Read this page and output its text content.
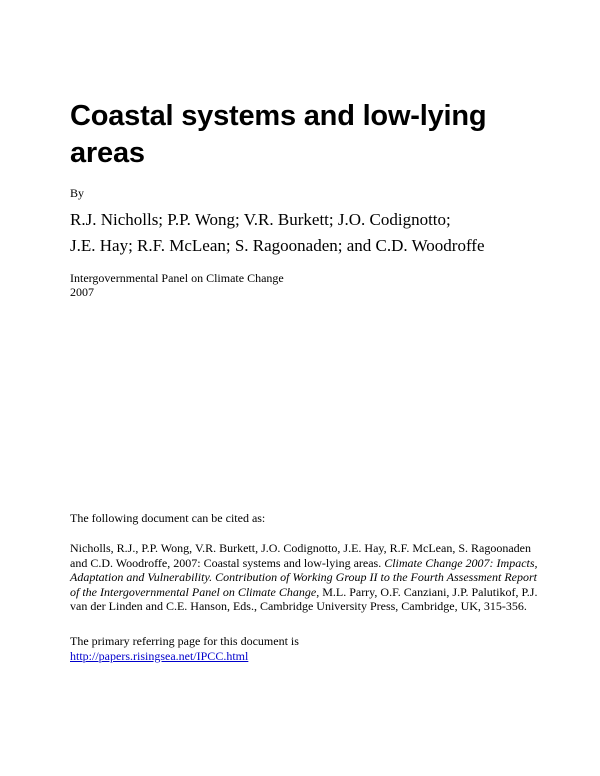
Coastal systems and low-lying areas
By
R.J. Nicholls; P.P. Wong; V.R. Burkett; J.O. Codignotto;
J.E. Hay; R.F. McLean; S. Ragoonaden; and C.D. Woodroffe
Intergovernmental Panel on Climate Change
2007
The following document can be cited as:
Nicholls, R.J., P.P. Wong, V.R. Burkett, J.O. Codignotto, J.E. Hay, R.F. McLean, S. Ragoonaden and C.D. Woodroffe, 2007: Coastal systems and low-lying areas. Climate Change 2007: Impacts, Adaptation and Vulnerability. Contribution of Working Group II to the Fourth Assessment Report of the Intergovernmental Panel on Climate Change, M.L. Parry, O.F. Canziani, J.P. Palutikof, P.J. van der Linden and C.E. Hanson, Eds., Cambridge University Press, Cambridge, UK, 315-356.
The primary referring page for this document is
http://papers.risingsea.net/IPCC.html
